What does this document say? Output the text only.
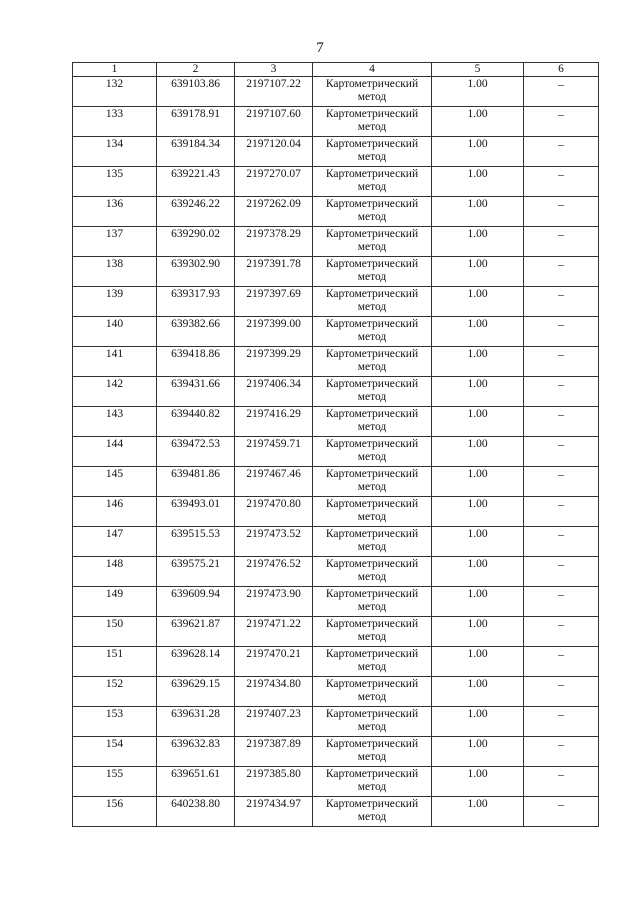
7
1	2	3	4	5	6
132	639103.86	2197107.22	Картометрический метод	1.00	–
133	639178.91	2197107.60	Картометрический метод	1.00	–
134	639184.34	2197120.04	Картометрический метод	1.00	–
135	639221.43	2197270.07	Картометрический метод	1.00	–
136	639246.22	2197262.09	Картометрический метод	1.00	–
137	639290.02	2197378.29	Картометрический метод	1.00	–
138	639302.90	2197391.78	Картометрический метод	1.00	–
139	639317.93	2197397.69	Картометрический метод	1.00	–
140	639382.66	2197399.00	Картометрический метод	1.00	–
141	639418.86	2197399.29	Картометрический метод	1.00	–
142	639431.66	2197406.34	Картометрический метод	1.00	–
143	639440.82	2197416.29	Картометрический метод	1.00	–
144	639472.53	2197459.71	Картометрический метод	1.00	–
145	639481.86	2197467.46	Картометрический метод	1.00	–
146	639493.01	2197470.80	Картометрический метод	1.00	–
147	639515.53	2197473.52	Картометрический метод	1.00	–
148	639575.21	2197476.52	Картометрический метод	1.00	–
149	639609.94	2197473.90	Картометрический метод	1.00	–
150	639621.87	2197471.22	Картометрический метод	1.00	–
151	639628.14	2197470.21	Картометрический метод	1.00	–
152	639629.15	2197434.80	Картометрический метод	1.00	–
153	639631.28	2197407.23	Картометрический метод	1.00	–
154	639632.83	2197387.89	Картометрический метод	1.00	–
155	639651.61	2197385.80	Картометрический метод	1.00	–
156	640238.80	2197434.97	Картометрический метод	1.00	–
